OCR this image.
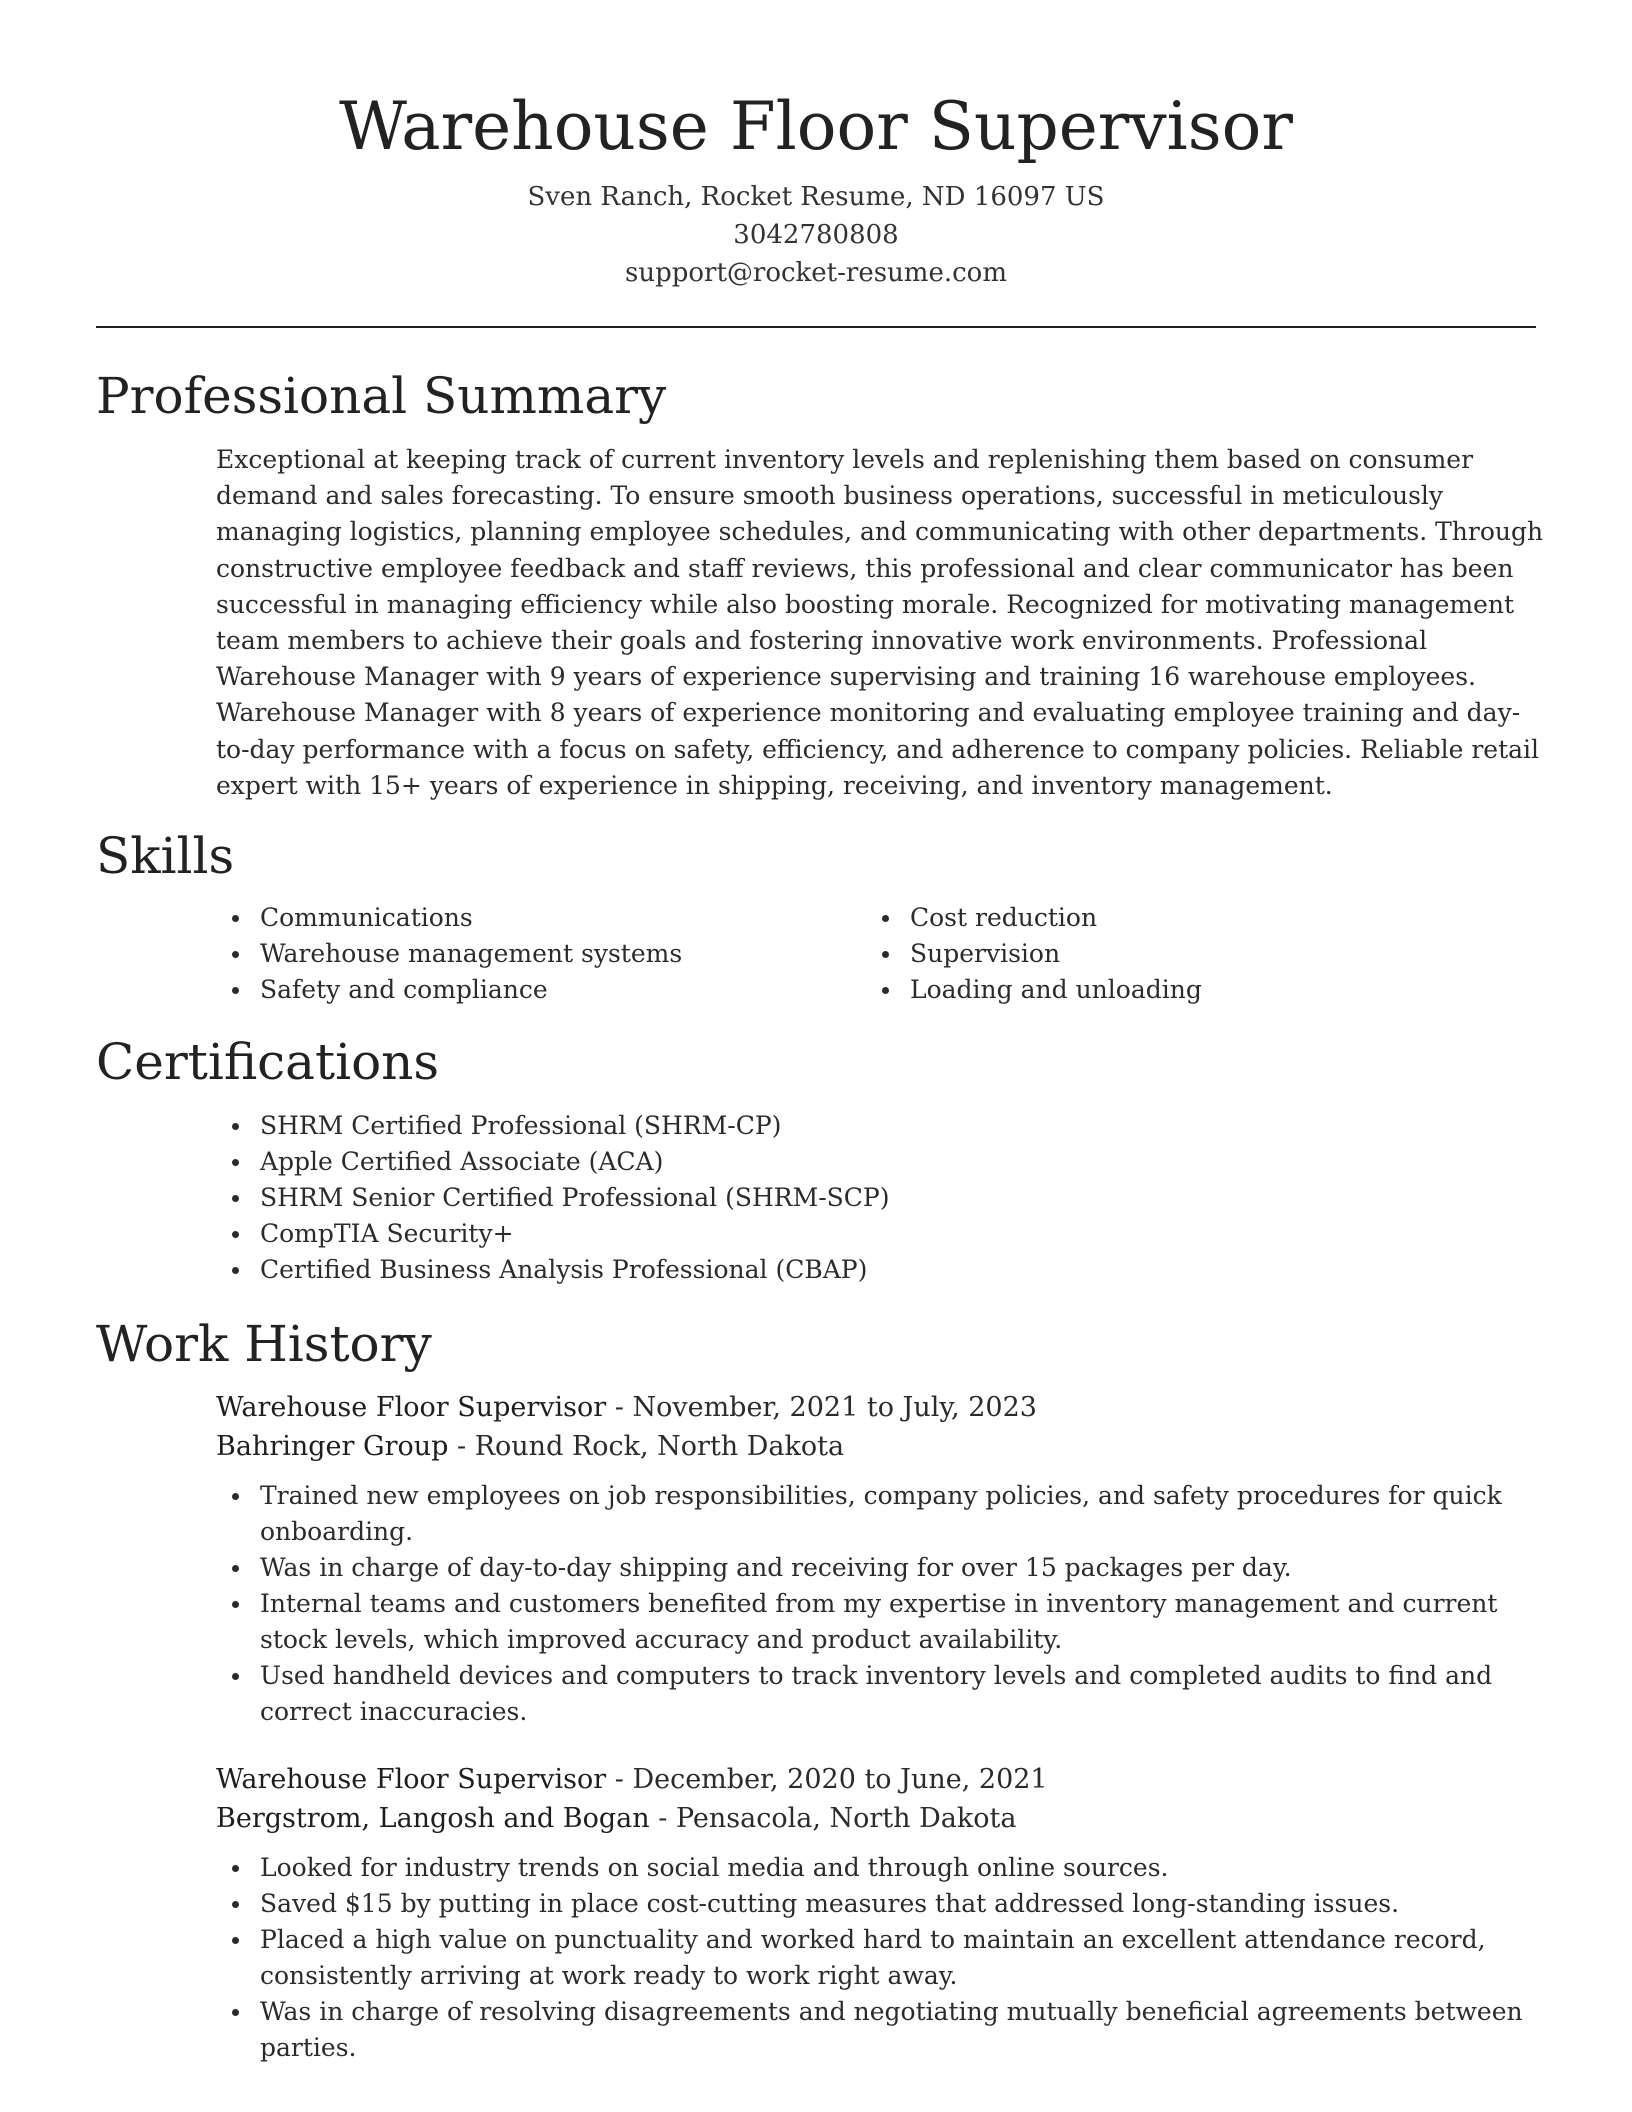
Warehouse Floor Supervisor

Sven Ranch, Rocket Resume, ND 16097 US

3042780808

support@rocket-resume.com

Professional Summary

Exceptional at keeping track of current inventory levels and replenishing them based on consumer demand and sales forecasting. To ensure smooth business operations, successful in meticulously managing logistics, planning employee schedules, and communicating with other departments. Through constructive employee feedback and staff reviews, this professional and clear communicator has been successful in managing efficiency while also boosting morale. Recognized for motivating management team members to achieve their goals and fostering innovative work environments. Professional Warehouse Manager with 9 years of experience supervising and training 16 warehouse employees. Warehouse Manager with 8 years of experience monitoring and evaluating employee training and day-to-day performance with a focus on safety, efficiency, and adherence to company policies. Reliable retail expert with 15+ years of experience in shipping, receiving, and inventory management.

Skills
Communications
Warehouse management systems
Safety and compliance
Cost reduction
Supervision
Loading and unloading
Certifications
SHRM Certified Professional (SHRM-CP)
Apple Certified Associate (ACA)
SHRM Senior Certified Professional (SHRM-SCP)
CompTIA Security+
Certified Business Analysis Professional (CBAP)
Work History
Warehouse Floor Supervisor - November, 2021 to July, 2023
Bahringer Group - Round Rock, North Dakota
Trained new employees on job responsibilities, company policies, and safety procedures for quick onboarding.
Was in charge of day-to-day shipping and receiving for over 15 packages per day.
Internal teams and customers benefited from my expertise in inventory management and current stock levels, which improved accuracy and product availability.
Used handheld devices and computers to track inventory levels and completed audits to find and correct inaccuracies.
Warehouse Floor Supervisor - December, 2020 to June, 2021
Bergstrom, Langosh and Bogan - Pensacola, North Dakota
Looked for industry trends on social media and through online sources.
Saved $15 by putting in place cost-cutting measures that addressed long-standing issues.
Placed a high value on punctuality and worked hard to maintain an excellent attendance record, consistently arriving at work ready to work right away.
Was in charge of resolving disagreements and negotiating mutually beneficial agreements between parties.
